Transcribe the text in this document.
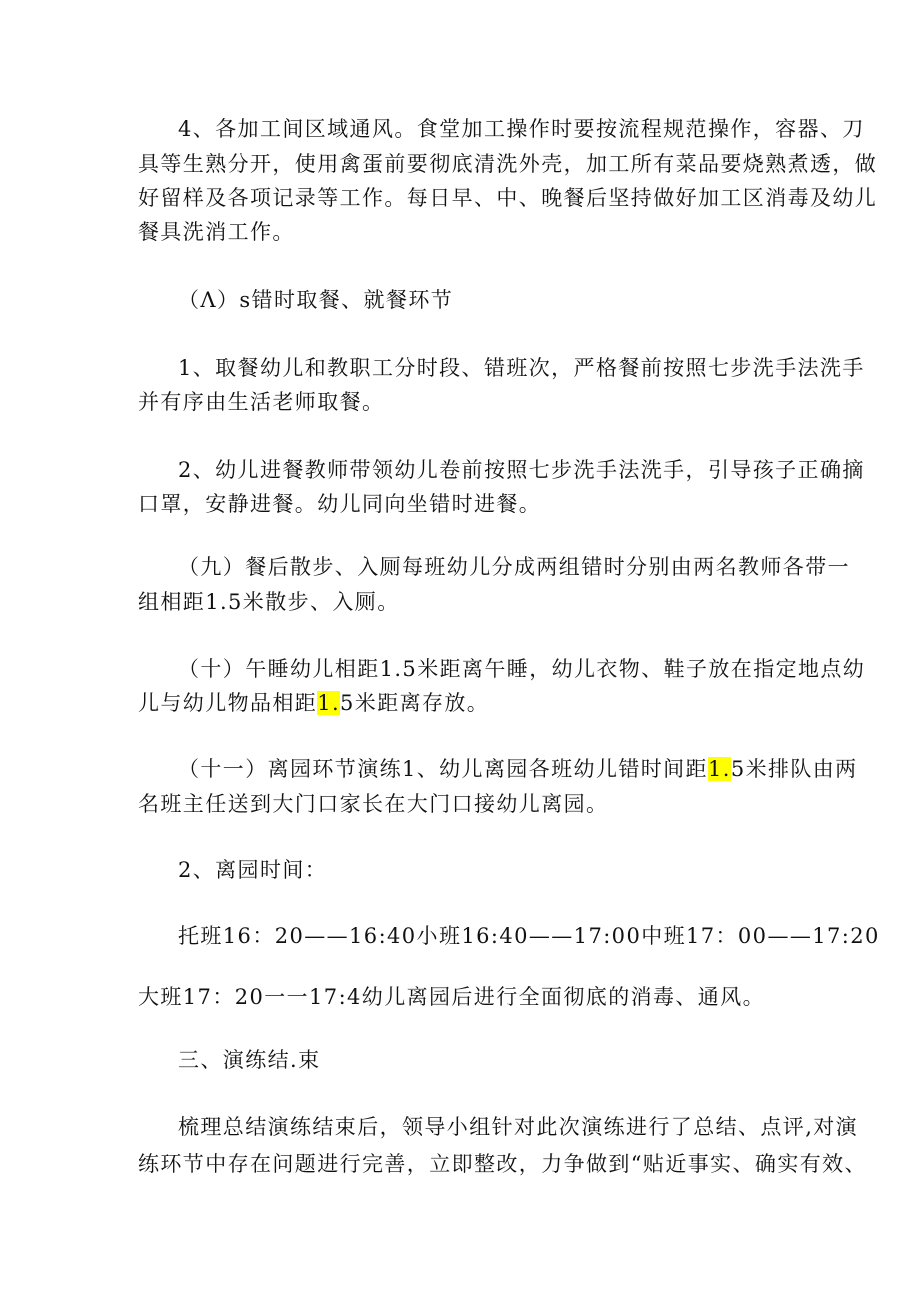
4、各加工间区域通风。食堂加工操作时要按流程规范操作，容器、刀
具等生熟分开，使用禽蛋前要彻底清洗外壳，加工所有菜品要烧熟煮透，做
好留样及各项记录等工作。每日早、中、晚餐后坚持做好加工区消毒及幼儿
餐具洗消工作。
（Λ）s错时取餐、就餐环节
1、取餐幼儿和教职工分时段、错班次，严格餐前按照七步洗手法洗手
并有序由生活老师取餐。
2、幼儿进餐教师带领幼儿卷前按照七步洗手法洗手，引导孩子正确摘
口罩，安静进餐。幼儿同向坐错时进餐。
（九）餐后散步、入厕每班幼儿分成两组错时分别由两名教师各带一
组相距1.5米散步、入厕。
（十）午睡幼儿相距1.5米距离午睡，幼儿衣物、鞋子放在指定地点幼
儿与幼儿物品相距1.5米距离存放。
（十一）离园环节演练1、幼儿离园各班幼儿错时间距1.5米排队由两
名班主任送到大门口家长在大门口接幼儿离园。
2、离园时间：
托班16：20——16:40小班16:40——17:00中班17：00——17:20
大班17：20一一17:4幼儿离园后进行全面彻底的消毒、通风。
三、演练结.束
梳理总结演练结束后，领导小组针对此次演练进行了总结、点评,对演
练环节中存在问题进行完善，立即整改，力争做到“贴近事实、确实有效、
